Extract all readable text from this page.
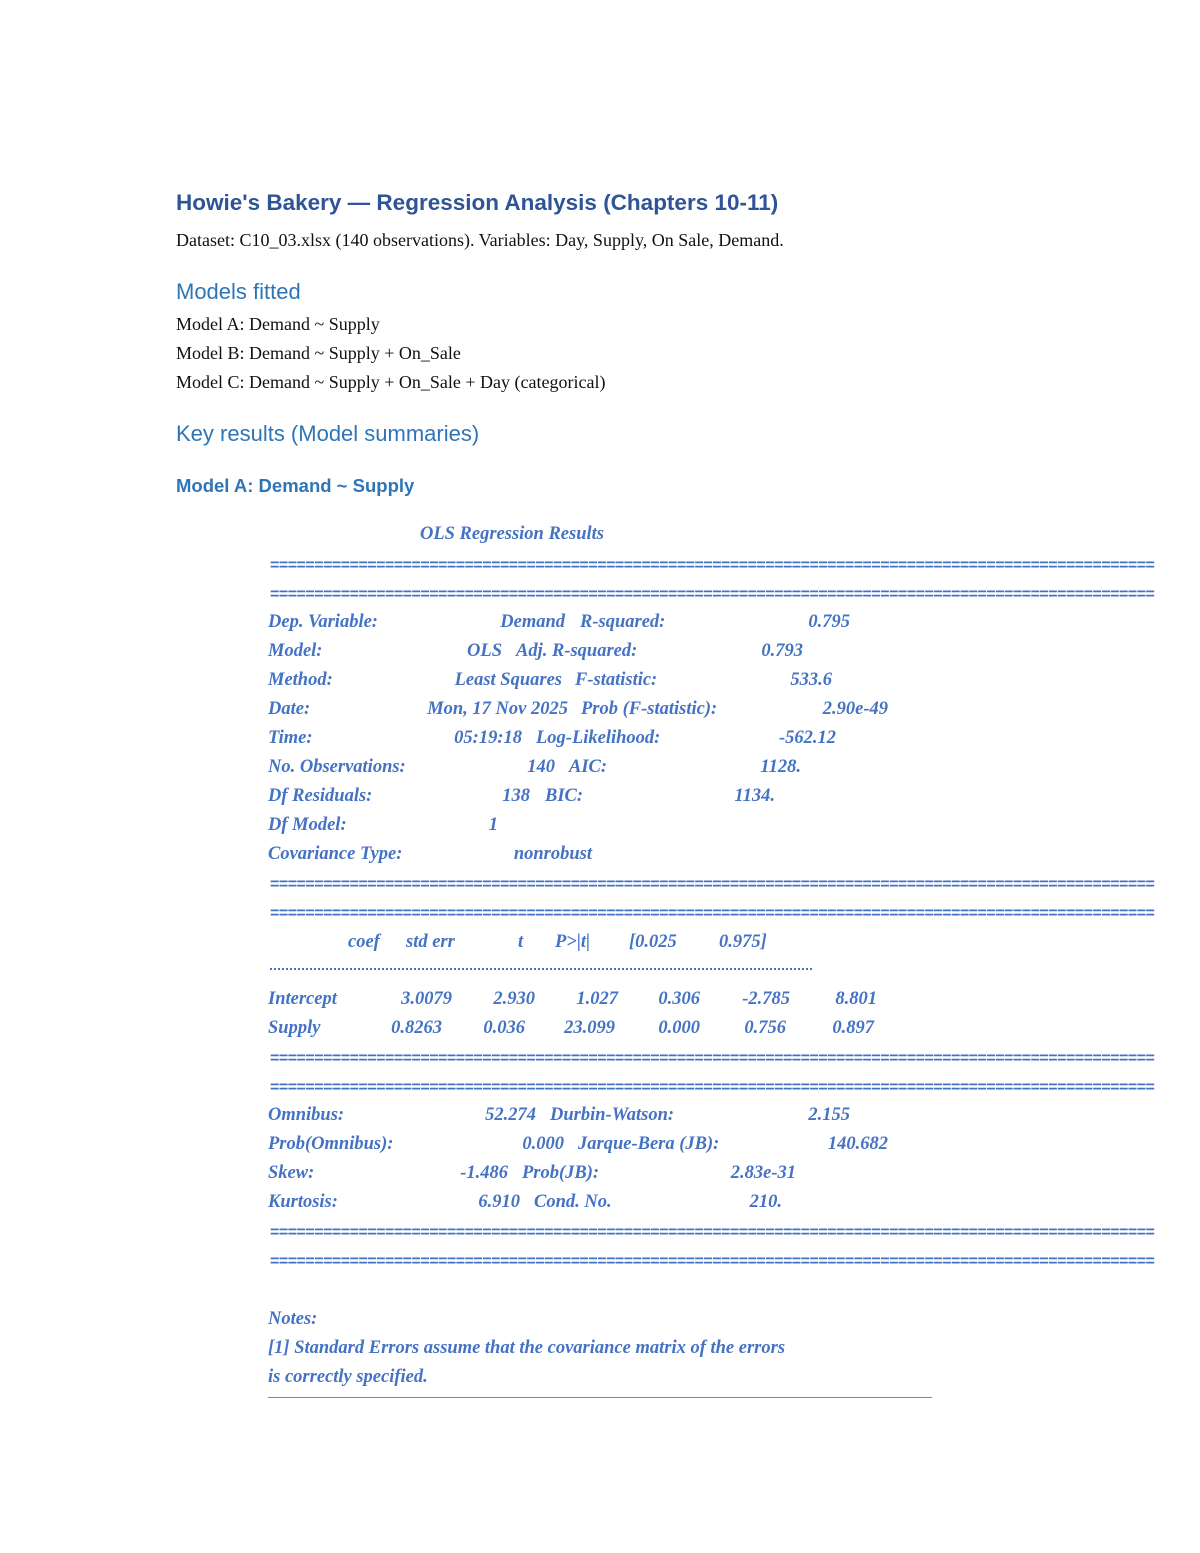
Howie's Bakery — Regression Analysis (Chapters 10-11)
Dataset: C10_03.xlsx (140 observations). Variables: Day, Supply, On Sale, Demand.
Models fitted
Model A: Demand ~ Supply
Model B: Demand ~ Supply + On_Sale
Model C: Demand ~ Supply + On_Sale + Day (categorical)
Key results (Model summaries)
Model A: Demand ~ Supply
OLS Regression Results
====================================================================================================
====================================================================================================
Dep. Variable:	Demand R-squared:	0.795
Model:	OLS Adj. R-squared:	0.793
Method:	Least Squares F-statistic:	533.6
Date:	Mon, 17 Nov 2025 Prob (F-statistic):	2.90e-49
Time:	05:19:18 Log-Likelihood:	-562.12
No. Observations:	140 AIC:	1128.
Df Residuals:	138 BIC:	1134.
Df Model:	1
Covariance Type:	nonrobust
====================================================================================================
====================================================================================================
coef std err	t P>|t| [0.025 0.975]
Intercept	3.0079	2.930	1.027	0.306	-2.785	8.801
Supply	0.8263	0.036	23.099	0.000	0.756	0.897
====================================================================================================
====================================================================================================
Omnibus:	52.274 Durbin-Watson:	2.155
Prob(Omnibus):	0.000 Jarque-Bera (JB):	140.682
Skew:	-1.486 Prob(JB):	2.83e-31
Kurtosis:	6.910 Cond. No.	210.
====================================================================================================
====================================================================================================
Notes:
[1] Standard Errors assume that the covariance matrix of the errors
is correctly specified.
